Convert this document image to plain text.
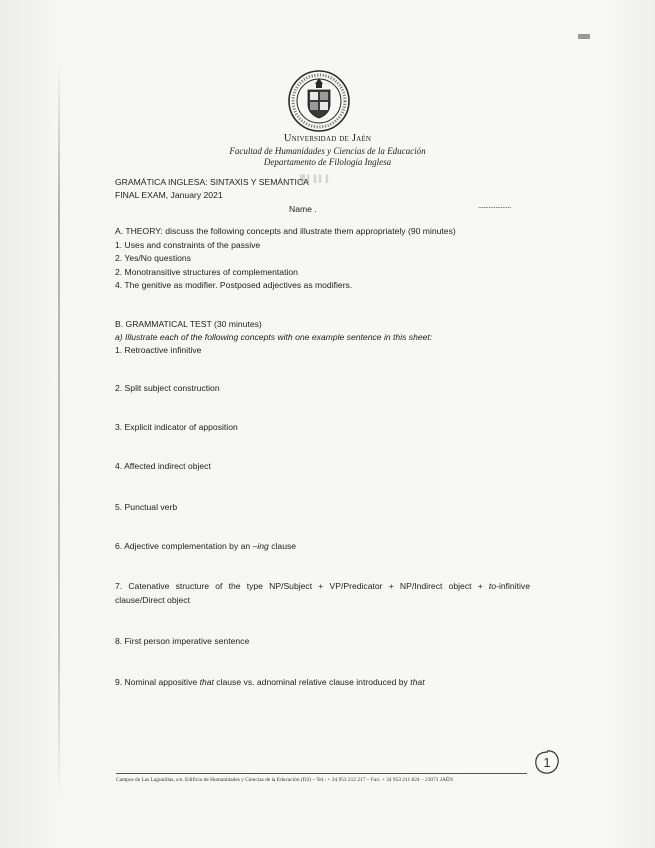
Universidad de Jaén
Facultad de Humanidades y Ciencias de la Educación
Departamento de Filología Inglesa
█ ▌ ▌▌ ▌
GRAMÁTICA INGLESA: SINTAXIS Y SEMÁNTICA
FINAL EXAM, January 2021
Name .	...................
A. THEORY: discuss the following concepts and illustrate them appropriately (90 minutes)
1. Uses and constraints of the passive
2. Yes/No questions
2. Monotransitive structures of complementation
4. The genitive as modifier. Postposed adjectives as modifiers.
B. GRAMMATICAL TEST (30 minutes)
a) Illustrate each of the following concepts with one example sentence in this sheet:
1. Retroactive infinitive
2. Split subject construction
3. Explicit indicator of apposition
4. Affected indirect object
5. Punctual verb
6. Adjective complementation by an –ing clause
7. Catenative structure of the type NP/Subject + VP/Predicator + NP/Indirect object + to-infinitive clause/Direct object
8. First person imperative sentence
9. Nominal appositive that clause vs. adnominal relative clause introduced by that
1
Campus de Las Lagunillas, s/n. Edificio de Humanidades y Ciencias de la Educación (D2) – Tel.: + 34 953 212 217 – Fax: + 34 953 211 824 – 23071 JAÉN
